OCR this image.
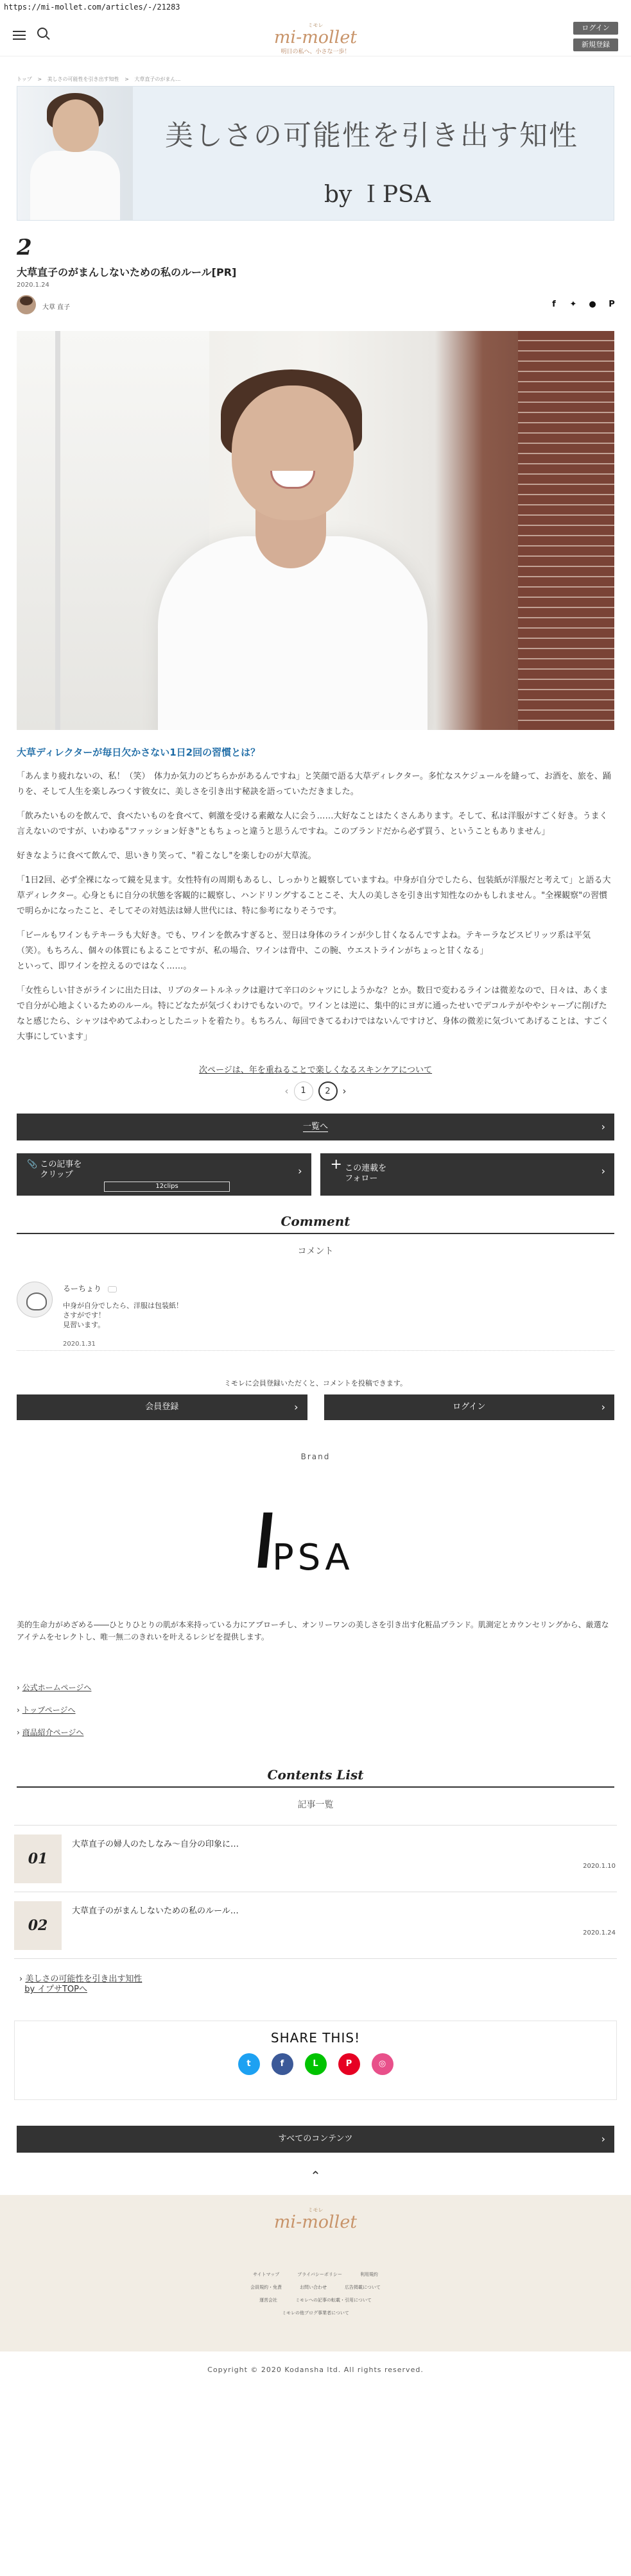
https://mi-mollet.com/articles/-/21283
ミモレ
mi-mollet
明日の私へ、小さな一歩！
ログイン
新規登録
トップ > 美しさの可能性を引き出す知性 > 大草直子のがまん…
美しさの可能性を引き出す知性
by ＩPSA
2
大草直子のがまんしないための私のルール[PR]
2020.1.24
大草 直子	f	✦ ● P
大草ディレクターが毎日欠かさない1日2回の習慣とは？

「あんまり疲れないの、私！（笑）　体力か気力のどちらかがあるんですね」と笑顔で語る大草ディレクター。多忙なスケジュールを縫って、お酒を、旅を、踊りを、そして人生を楽しみつくす彼女に、美しさを引き出す秘訣を語っていただきました。

「飲みたいものを飲んで、食べたいものを食べて、刺激を受ける素敵な人に会う……大好なことはたくさんあります。そして、私は洋服がすごく好き。うまく言えないのですが、いわゆる"ファッション好き"ともちょっと違うと思うんですね。このブランドだから必ず買う、ということもありません」

好きなように食べて飲んで、思いきり笑って、"着こなし"を楽しむのが大草流。

「1日2回、必ず全裸になって鏡を見ます。女性特有の周期もあるし、しっかりと観察していますね。中身が自分でしたら、包装紙が洋服だと考えて」と語る大草ディレクター。心身ともに自分の状態を客観的に観察し、ハンドリングすることこそ、大人の美しさを引き出す知性なのかもしれません。"全裸観察"の習慣で明らかになったこと、そしてその対処法は婦人世代には、特に参考になりそうです。

「ビールもワインもテキーラも大好き。でも、ワインを飲みすぎると、翌日は身体のラインが少し甘くなるんですよね。テキーラなどスピリッツ系は平気（笑）。もちろん、個々の体質にもよることですが、私の場合、ワインは背中、この腕、ウエストラインがちょっと甘くなる」
といって、即ワインを控えるのではなく……。

「女性らしい甘さがラインに出た日は、リブのタートルネックは避けて辛口のシャツにしようかな？とか。数日で変わるラインは微差なので、日々は、あくまで自分が心地よくいるためのルール。特にどなたが気づくわけでもないので。ワインとは逆に、集中的にヨガに通ったせいでデコルテがややシャープに削げたなと感じたら、シャツはやめてふわっとしたニットを着たり。もちろん、毎回できてるわけではないんですけど、身体の微差に気づいてあげることは、すごく大事にしています」

次ページは、年を重ねることで楽しくなるスキンケアについて
‹	1	2	›
一覧へ	›
📎 この記事を
クリップ	›
12clips
+ この連載を
フォロー
›
Comment
コメント
るーちょり
中身が自分でしたら、洋服は包装紙！
さすがです！
見習います。
2020.1.31
ミモレに会員登録いただくと、コメントを投稿できます。
会員登録	›	ログイン	›
Brand
PSA
美的生命力がめざめる――ひとりひとりの肌が本来持っている力にアプローチし、オンリーワンの美しさを引き出す化粧品ブランド。肌測定とカウンセリングから、厳選なアイテムをセレクトし、唯一無二のきれいを叶えるレシピを提供します。
› 公式ホームページへ
› トップページへ
› 商品紹介ページへ
Contents List
記事一覧
01
大草直子の婦人のたしなみ～自分の印象に…
2020.1.10
02
大草直子のがまんしないための私のルール…
2020.1.24
› 美しさの可能性を引き出す知性
by イプサTOPへ
SHARE THIS!
t	f	L	P	◎
すべてのコンテンツ	›
⌃
ミモレ
mi-mollet
サイトマップ	プライバシーポリシー	利用規約
会員規約・免責	お問い合わせ	広告掲載について
運営会社	ミモレへの記事の転載・引用について
ミモレの他ブログ事業者について
Copyright © 2020 Kodansha ltd. All rights reserved.
